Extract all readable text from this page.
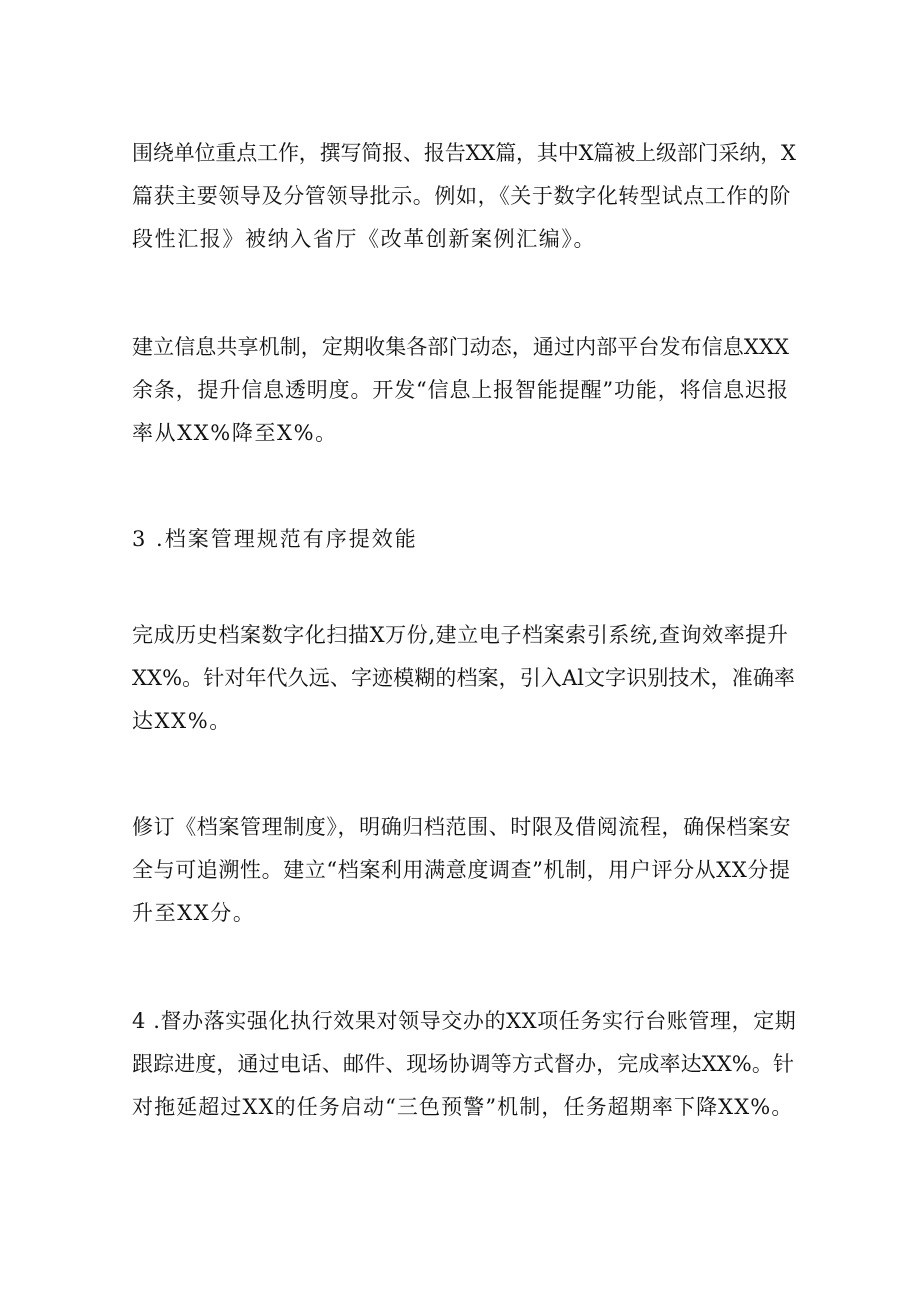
围绕单位重点工作，撰写简报、报告XX篇，其中X篇被上级部门采纳，X
篇获主要领导及分管领导批示。例如，《关于数字化转型试点工作的阶
段性汇报》被纳入省厅《改革创新案例汇编》。
建立信息共享机制，定期收集各部门动态，通过内部平台发布信息XXX
余条，提升信息透明度。开发“信息上报智能提醒”功能，将信息迟报
率从XX%降至X%。
3 .档案管理规范有序提效能
完成历史档案数字化扫描X万份,建立电子档案索引系统,查询效率提升
XX%。针对年代久远、字迹模糊的档案，引入Al文字识别技术，准确率
达XX%。
修订《档案管理制度》，明确归档范围、时限及借阅流程，确保档案安
全与可追溯性。建立“档案利用满意度调查”机制，用户评分从XX分提
升至XX分。
4 .督办落实强化执行效果对领导交办的XX项任务实行台账管理，定期
跟踪进度，通过电话、邮件、现场协调等方式督办，完成率达XX%。针
对拖延超过XX的任务启动“三色预警”机制，任务超期率下降XX%。
